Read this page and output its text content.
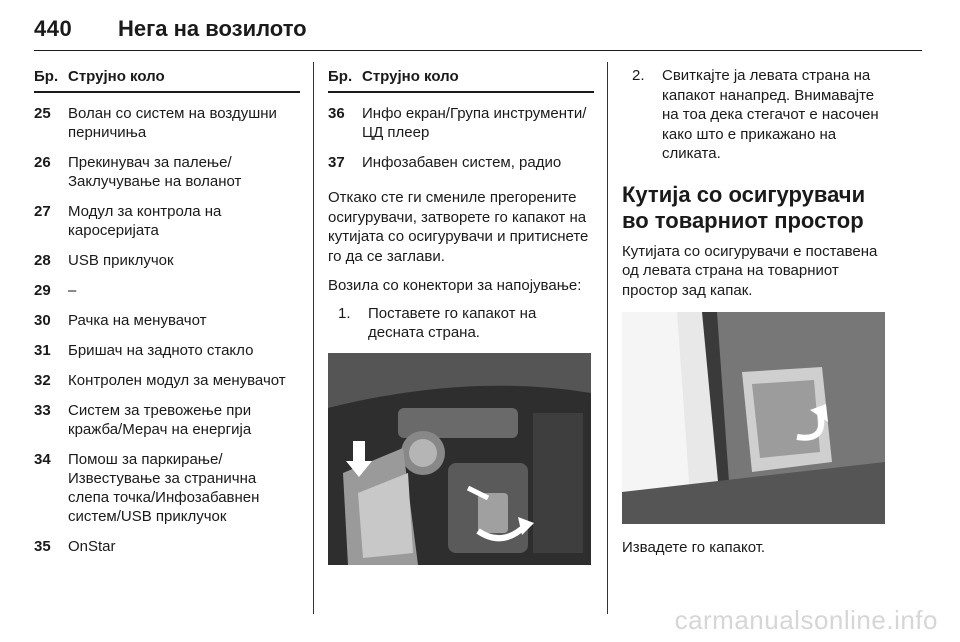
440 Нега на возилото
Бр. Струјно коло
25	Волан со систем на воздушни перничиња
26	Прекинувач за палење/ Заклучување на воланот
27	Модул за контрола на каросеријата
28	USB приклучок
29	–
30	Рачка на менувачот
31	Бришач на задното стакло
32	Контролен модул за менувачот
33	Систем за тревожење при кражба/Мерач на енергија
34	Помош за паркирање/ Известување за странична слепа точка/Инфозабавнен систем/USB приклучок
35	OnStar
Бр. Струјно коло
36	Инфо екран/Група инструменти/ЦД плеер
37	Инфозабавен систем, радио
Откако сте ги смениле прегорените осигурувачи, затворете го капакот на кутијата со осигурувачи и притиснете го да се заглави.
Возила со конектори за напојување:
1.	Поставете го капакот на десната страна.
2.	Свиткајте ја левата страна на капакот нанапред. Внимавајте на тоа дека стегачот е насочен како што е прикажано на сликата.
Кутија со осигурувачи во товарниот простор
Кутијата со осигурувачи е поставена од левата страна на товарниот простор зад капак.
Извадете го капакот.
carmanualsonline.info
